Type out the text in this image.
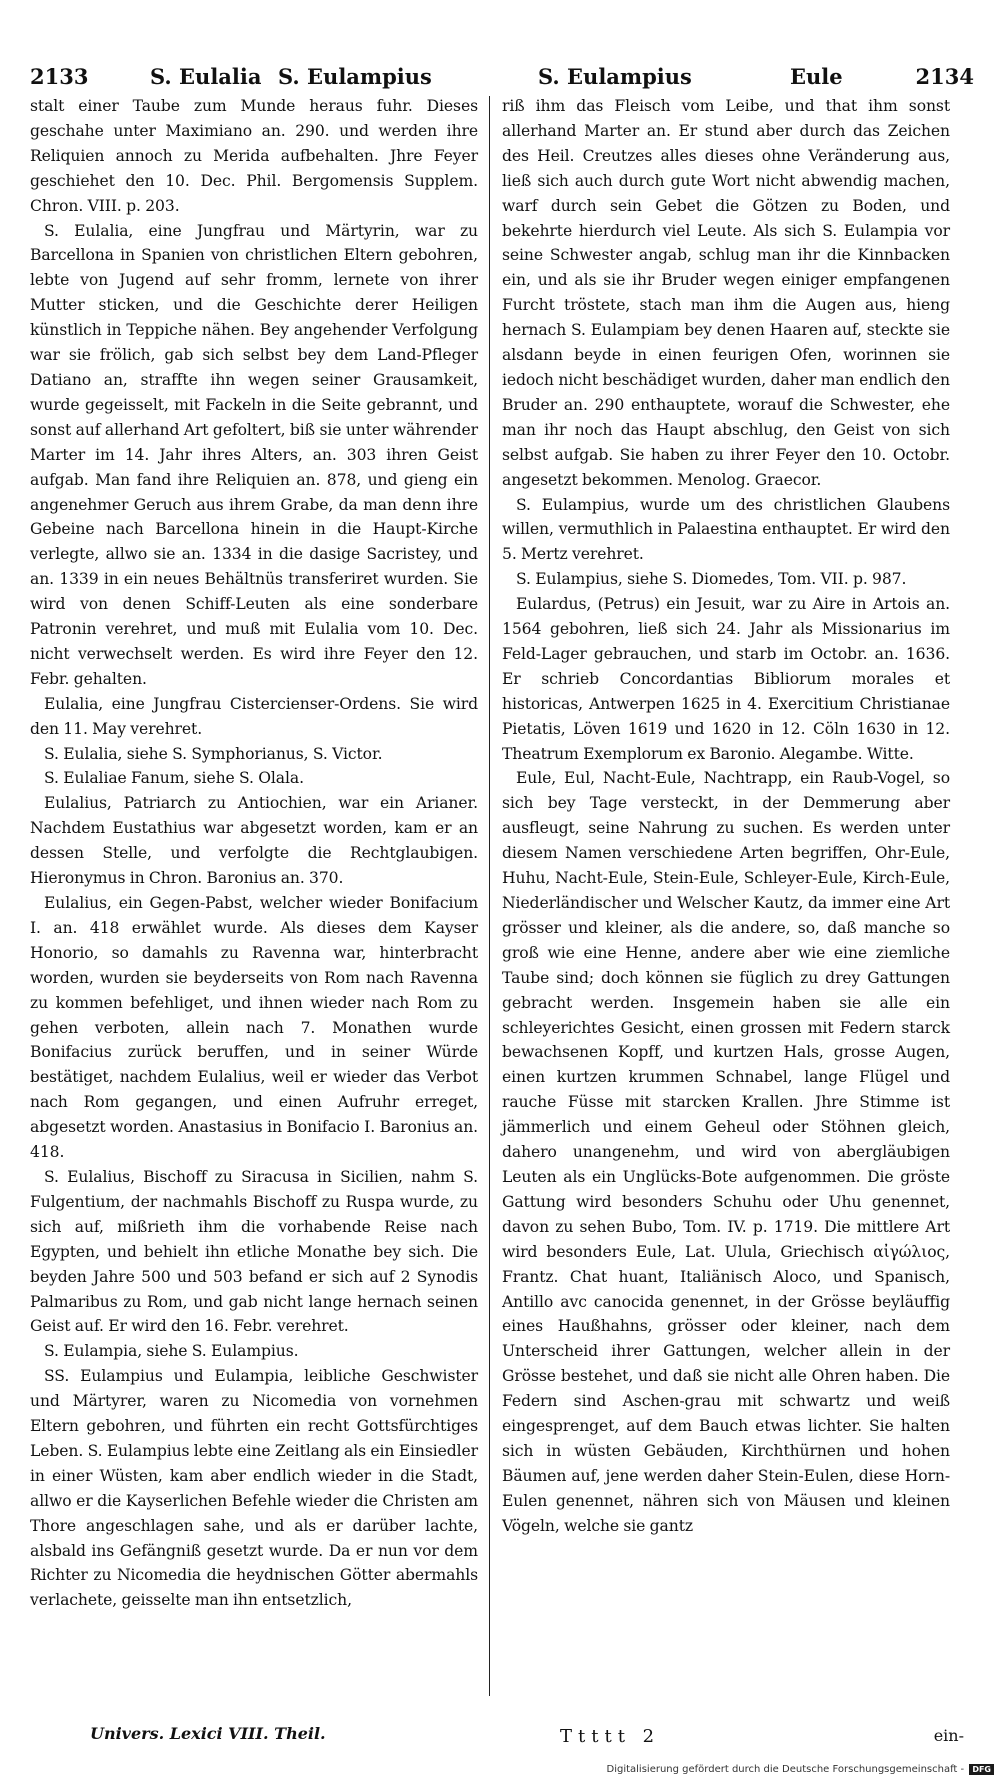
2133	S. Eulalia S. Eulampius	S. Eulampius	Eule	2134

stalt einer Taube zum Munde heraus fuhr. Dieses geschahe unter Maximiano an. 290. und werden ihre Reliquien annoch zu Merida aufbehalten. Jhre Feyer geschiehet den 10. Dec. Phil. Bergomensis Supplem. Chron. VIII. p. 203.

S. Eulalia, eine Jungfrau und Märtyrin, war zu Barcellona in Spanien von christlichen Eltern gebohren, lebte von Jugend auf sehr fromm, lernete von ihrer Mutter sticken, und die Geschichte derer Heiligen künstlich in Teppiche nähen. Bey angehender Verfolgung war sie frölich, gab sich selbst bey dem Land-Pfleger Datiano an, straffte ihn wegen seiner Grausamkeit, wurde gegeisselt, mit Fackeln in die Seite gebrannt, und sonst auf allerhand Art gefoltert, biß sie unter währender Marter im 14. Jahr ihres Alters, an. 303 ihren Geist aufgab. Man fand ihre Reliquien an. 878, und gieng ein angenehmer Geruch aus ihrem Grabe, da man denn ihre Gebeine nach Barcellona hinein in die Haupt-Kirche verlegte, allwo sie an. 1334 in die dasige Sacristey, und an. 1339 in ein neues Behältnüs transferiret wurden. Sie wird von denen Schiff-Leuten als eine sonderbare Patronin verehret, und muß mit Eulalia vom 10. Dec. nicht verwechselt werden. Es wird ihre Feyer den 12. Febr. gehalten.

Eulalia, eine Jungfrau Cistercienser-Ordens. Sie wird den 11. May verehret.

S. Eulalia, siehe S. Symphorianus, S. Victor.

S. Eulaliae Fanum, siehe S. Olala.

Eulalius, Patriarch zu Antiochien, war ein Arianer. Nachdem Eustathius war abgesetzt worden, kam er an dessen Stelle, und verfolgte die Rechtglaubigen. Hieronymus in Chron. Baronius an. 370.

Eulalius, ein Gegen-Pabst, welcher wieder Bonifacium I. an. 418 erwählet wurde. Als dieses dem Kayser Honorio, so damahls zu Ravenna war, hinterbracht worden, wurden sie beyderseits von Rom nach Ravenna zu kommen befehliget, und ihnen wieder nach Rom zu gehen verboten, allein nach 7. Monathen wurde Bonifacius zurück beruffen, und in seiner Würde bestätiget, nachdem Eulalius, weil er wieder das Verbot nach Rom gegangen, und einen Aufruhr erreget, abgesetzt worden. Anastasius in Bonifacio I. Baronius an. 418.

S. Eulalius, Bischoff zu Siracusa in Sicilien, nahm S. Fulgentium, der nachmahls Bischoff zu Ruspa wurde, zu sich auf, mißrieth ihm die vorhabende Reise nach Egypten, und behielt ihn etliche Monathe bey sich. Die beyden Jahre 500 und 503 befand er sich auf 2 Synodis Palmaribus zu Rom, und gab nicht lange hernach seinen Geist auf. Er wird den 16. Febr. verehret.

S. Eulampia, siehe S. Eulampius.

SS. Eulampius und Eulampia, leibliche Geschwister und Märtyrer, waren zu Nicomedia von vornehmen Eltern gebohren, und führten ein recht Gottsfürchtiges Leben. S. Eulampius lebte eine Zeitlang als ein Einsiedler in einer Wüsten, kam aber endlich wieder in die Stadt, allwo er die Kayserlichen Befehle wieder die Christen am Thore angeschlagen sahe, und als er darüber lachte, alsbald ins Gefängniß gesetzt wurde. Da er nun vor dem Richter zu Nicomedia die heydnischen Götter abermahls verlachete, geisselte man ihn entsetzlich,

riß ihm das Fleisch vom Leibe, und that ihm sonst allerhand Marter an. Er stund aber durch das Zeichen des Heil. Creutzes alles dieses ohne Veränderung aus, ließ sich auch durch gute Wort nicht abwendig machen, warf durch sein Gebet die Götzen zu Boden, und bekehrte hierdurch viel Leute. Als sich S. Eulampia vor seine Schwester angab, schlug man ihr die Kinnbacken ein, und als sie ihr Bruder wegen einiger empfangenen Furcht tröstete, stach man ihm die Augen aus, hieng hernach S. Eulampiam bey denen Haaren auf, steckte sie alsdann beyde in einen feurigen Ofen, worinnen sie iedoch nicht beschädiget wurden, daher man endlich den Bruder an. 290 enthauptete, worauf die Schwester, ehe man ihr noch das Haupt abschlug, den Geist von sich selbst aufgab. Sie haben zu ihrer Feyer den 10. Octobr. angesetzt bekommen. Menolog. Graecor.

S. Eulampius, wurde um des christlichen Glaubens willen, vermuthlich in Palaestina enthauptet. Er wird den 5. Mertz verehret.

S. Eulampius, siehe S. Diomedes, Tom. VII. p. 987.

Eulardus, (Petrus) ein Jesuit, war zu Aire in Artois an. 1564 gebohren, ließ sich 24. Jahr als Missionarius im Feld-Lager gebrauchen, und starb im Octobr. an. 1636. Er schrieb Concordantias Bibliorum morales et historicas, Antwerpen 1625 in 4. Exercitium Christianae Pietatis, Löven 1619 und 1620 in 12. Cöln 1630 in 12. Theatrum Exemplorum ex Baronio. Alegambe. Witte.

Eule, Eul, Nacht-Eule, Nachtrapp, ein Raub-Vogel, so sich bey Tage versteckt, in der Demmerung aber ausfleugt, seine Nahrung zu suchen. Es werden unter diesem Namen verschiedene Arten begriffen, Ohr-Eule, Huhu, Nacht-Eule, Stein-Eule, Schleyer-Eule, Kirch-Eule, Niederländischer und Welscher Kautz, da immer eine Art grösser und kleiner, als die andere, so, daß manche so groß wie eine Henne, andere aber wie eine ziemliche Taube sind; doch können sie füglich zu drey Gattungen gebracht werden. Insgemein haben sie alle ein schleyerichtes Gesicht, einen grossen mit Federn starck bewachsenen Kopff, und kurtzen Hals, grosse Augen, einen kurtzen krummen Schnabel, lange Flügel und rauche Füsse mit starcken Krallen. Jhre Stimme ist jämmerlich und einem Geheul oder Stöhnen gleich, dahero unangenehm, und wird von abergläubigen Leuten als ein Unglücks-Bote aufgenommen. Die gröste Gattung wird besonders Schuhu oder Uhu genennet, davon zu sehen Bubo, Tom. IV. p. 1719. Die mittlere Art wird besonders Eule, Lat. Ulula, Griechisch αἰγώλιος, Frantz. Chat huant, Italiänisch Aloco, und Spanisch, Antillo avc canocida genennet, in der Grösse beyläuffig eines Haußhahns, grösser oder kleiner, nach dem Unterscheid ihrer Gattungen, welcher allein in der Grösse bestehet, und daß sie nicht alle Ohren haben. Die Federn sind Aschen-grau mit schwartz und weiß eingesprenget, auf dem Bauch etwas lichter. Sie halten sich in wüsten Gebäuden, Kirchthürnen und hohen Bäumen auf, jene werden daher Stein-Eulen, diese Horn-Eulen genennet, nähren sich von Mäusen und kleinen Vögeln, welche sie gantz

Univers. Lexici VIII. Theil.	Ttttt 2	ein-
Digitalisierung gefördert durch die Deutsche Forschungsgemeinschaft - DFG
